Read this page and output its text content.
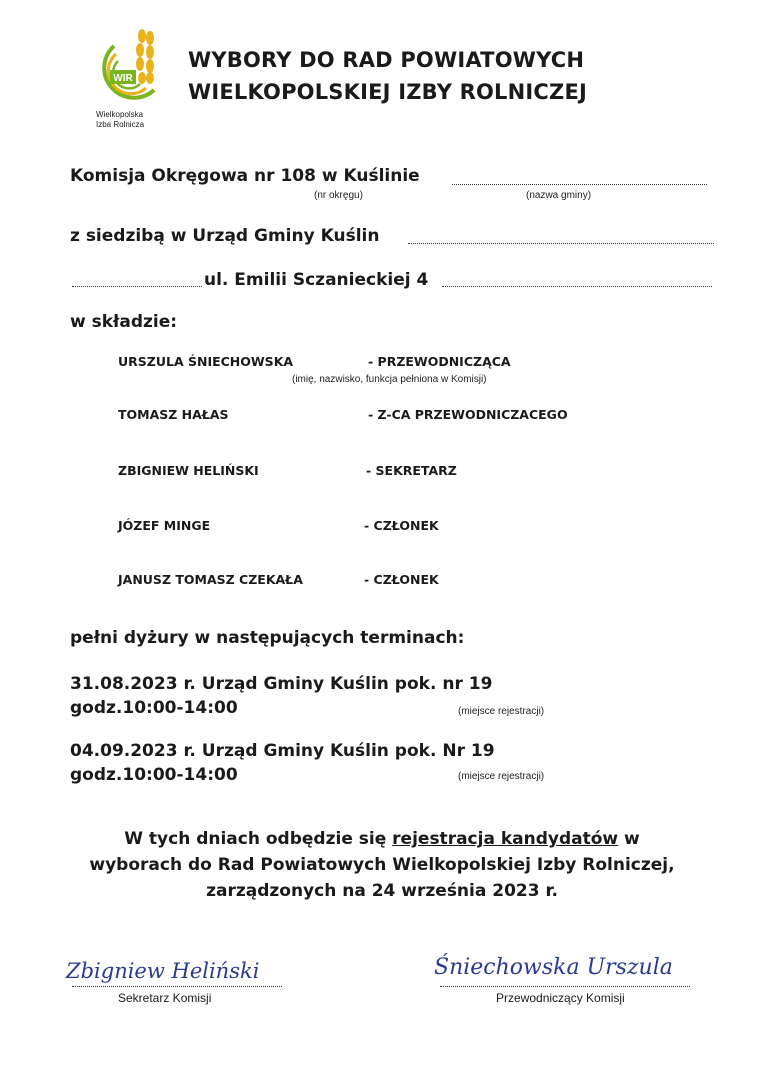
WIR
Wielkopolska
Izba Rolnicza
WYBORY DO RAD POWIATOWYCH
WIELKOPOLSKIEJ IZBY ROLNICZEJ
Komisja Okręgowa nr 108 w Kuślinie
(nr okręgu)	(nazwa gminy)
z siedzibą w Urząd Gminy Kuślin
ul. Emilii Sczanieckiej 4
w składzie:
URSZULA ŚNIECHOWSKA	- PRZEWODNICZĄCA
(imię, nazwisko, funkcja pełniona w Komisji)
TOMASZ HAŁAS	- Z-CA PRZEWODNICZACEGO
ZBIGNIEW HELIŃSKI	- SEKRETARZ
JÓZEF MINGE	- CZŁONEK
JANUSZ TOMASZ CZEKAŁA	- CZŁONEK
pełni dyżury w następujących terminach:
31.08.2023 r. Urząd Gminy Kuślin pok. nr 19
godz.10:00-14:00	(miejsce rejestracji)
04.09.2023 r. Urząd Gminy Kuślin pok. Nr 19
godz.10:00-14:00	(miejsce rejestracji)
W tych dniach odbędzie się rejestracja kandydatów w
wyborach do Rad Powiatowych Wielkopolskiej Izby Rolniczej,
zarządzonych na 24 września 2023 r.
Zbigniew Heliński
Sekretarz Komisji
Śniechowska Urszula
Przewodniczący Komisji
